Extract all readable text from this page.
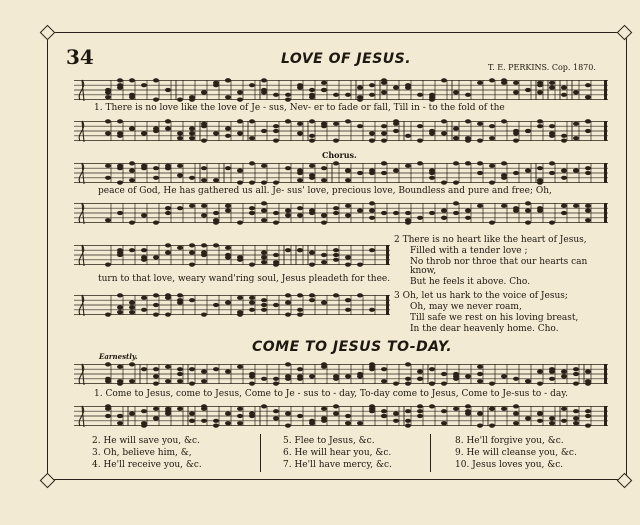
34	LOVE OF JESUS.
T. E. PERKINS. Cop. 1870.
1. There is no love like the love of Je - sus, Nev- er to fade or fall, Till in - to the fold of the
Chorus.
peace of God, He has gathered us all. Je- sus' love, precious love, Boundless and pure and free; Oh,
turn to that love, weary wand'ring soul, Jesus pleadeth for thee.
2 There is no heart like the heart of Jesus,
Filled with a tender love ;
No throb nor throe that our hearts can know,
But he feels it above. Cho.
3 Oh, let us hark to the voice of Jesus;
Oh, may we never roam,
Till safe we rest on his loving breast,
In the dear heavenly home. Cho.
COME TO JESUS TO-DAY.
Earnestly.
1. Come to Jesus, come to Jesus, Come to Je - sus to - day, To-day come to Jesus, Come to Je-sus to - day.
2. He will save you, &c.
3. Oh, believe him, &,
4. He'll receive you, &c.
5. Flee to Jesus, &c.
6. He will hear you, &c.
7. He'll have mercy, &c.
8. He'll forgive you, &c.
9. He will cleanse you, &c.
10. Jesus loves you, &c.
